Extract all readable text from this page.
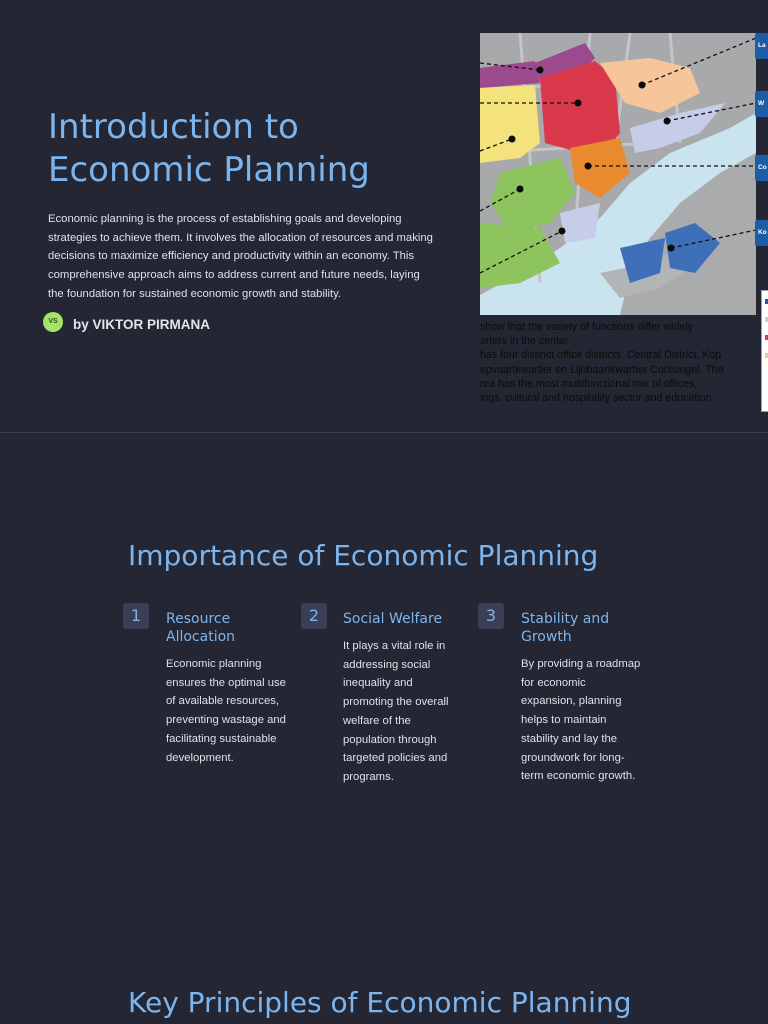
Introduction to Economic Planning

Economic planning is the process of establishing goals and developing strategies to achieve them. It involves the allocation of resources and making decisions to maximize efficiency and productivity within an economy. This comprehensive approach aims to address current and future needs, laying the foundation for sustained economic growth and stability.

VS	by VIKTOR PIRMANA
La
W
Co
Ko
show that the variety of functions differ widely
arters in the center
has four distinct office districts: Central District, Kop
epvaartkwartier en Lijnbaankwartier Coolsingel. The
rea has the most multifunctional mix of offices,
ings, cultural and hospitality sector and education
Importance of Economic Planning
1	Resource Allocation

Economic planning ensures the optimal use of available resources, preventing wastage and facilitating sustainable development.

2	Social Welfare

It plays a vital role in addressing social inequality and promoting the overall welfare of the population through targeted policies and programs.

3	Stability and Growth

By providing a roadmap for economic expansion, planning helps to maintain stability and lay the groundwork for long-term economic growth.

Key Principles of Economic Planning
